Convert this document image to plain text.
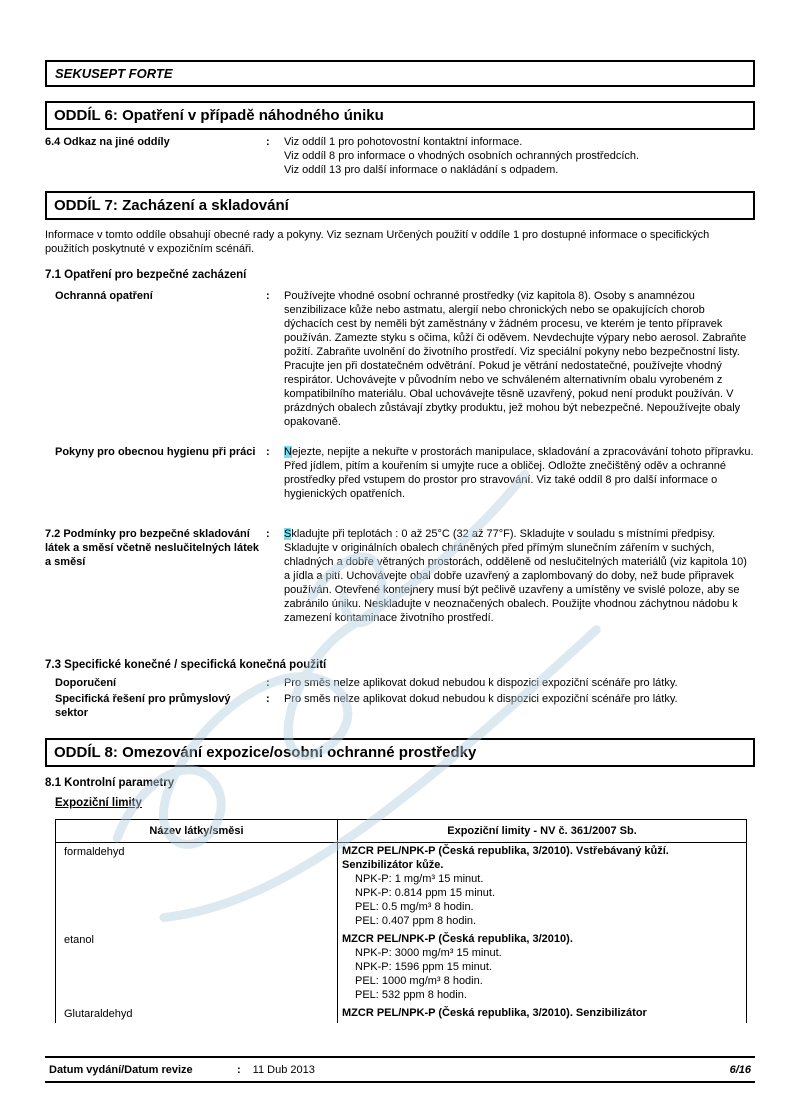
SEKUSEPT FORTE
ODDÍL 6: Opatření v případě náhodného úniku
6.4 Odkaz na jiné oddíly	:	Viz oddíl 1 pro pohotovostní kontaktní informace.
Viz oddíl 8 pro informace o vhodných osobních ochranných prostředcích.
Viz oddíl 13 pro další informace o nakládání s odpadem.
ODDÍL 7: Zacházení a skladování

Informace v tomto oddíle obsahují obecné rady a pokyny. Viz seznam Určených použití v oddíle 1 pro dostupné informace o specifických použitích poskytnuté v expozičním scénáři.

7.1 Opatření pro bezpečné zacházení
Ochranná opatření	:	Používejte vhodné osobní ochranné prostředky (viz kapitola 8). Osoby s anamnézou senzibilizace kůže nebo astmatu, alergií nebo chronických nebo se opakujících chorob dýchacích cest by neměli být zaměstnány v žádném procesu, ve kterém je tento přípravek používán. Zamezte styku s očima, kůží či oděvem. Nevdechujte výpary nebo aerosol. Zabraňte požití. Zabraňte uvolnění do životního prostředí. Viz speciální pokyny nebo bezpečnostní listy. Pracujte jen při dostatečném odvětrání. Pokud je větrání nedostatečné, používejte vhodný respirátor. Uchovávejte v původním nebo ve schváleném alternativním obalu vyrobeném z kompatibilního materiálu. Obal uchovávejte těsně uzavřený, pokud není produkt používán. V prázdných obalech zůstávají zbytky produktu, jež mohou být nebezpečné. Nepoužívejte obaly opakovaně.
Pokyny pro obecnou hygienu při práci :	Nejezte, nepijte a nekuřte v prostorách manipulace, skladování a zpracovávání tohoto přípravku. Před jídlem, pitím a kouřením si umyjte ruce a obličej. Odložte znečištěný oděv a ochranné prostředky před vstupem do prostor pro stravování. Viz také oddíl 8 pro další informace o hygienických opatřeních.
7.2 Podmínky pro bezpečné skladování látek a směsí včetně neslučitelných látek a směsí
:	Skladujte při teplotách : 0 až 25°C (32 až 77°F). Skladujte v souladu s místními předpisy. Skladujte v originálních obalech chráněných před přímým slunečním zářením v suchých, chladných a dobře větraných prostorách, odděleně od neslučitelných materiálů (viz kapitola 10) a jídla a pití. Uchovávejte obal dobře uzavřený a zaplombovaný do doby, než bude připravek používán. Otevřené kontejnery musí být pečlivě uzavřeny a umístěny ve svislé poloze, aby se zabránilo úniku. Neskladujte v neoznačených obalech. Použijte vhodnou záchytnou nádobu k zamezení kontaminace životního prostředí.
7.3 Specifické konečné / specifická konečná použití
Doporučení	:	Pro směs nelze aplikovat dokud nebudou k dispozici expoziční scénáře pro látky.
Specifická řešení pro průmyslový sektor
:	Pro směs nelze aplikovat dokud nebudou k dispozici expoziční scénáře pro látky.
ODDÍL 8: Omezování expozice/osobní ochranné prostředky
8.1 Kontrolní parametry
Expoziční limity
Název látky/směsi	Expoziční limity - NV č. 361/2007 Sb.
formaldehyd	MZCR PEL/NPK-P (Česká republika, 3/2010). Vstřebávaný kůží. Senzibilizátor kůže.
NPK-P: 1 mg/m³ 15 minut.
NPK-P: 0.814 ppm 15 minut.
PEL: 0.5 mg/m³ 8 hodin.
PEL: 0.407 ppm 8 hodin.
etanol	MZCR PEL/NPK-P (Česká republika, 3/2010).
NPK-P: 3000 mg/m³ 15 minut.
NPK-P: 1596 ppm 15 minut.
PEL: 1000 mg/m³ 8 hodin.
PEL: 532 ppm 8 hodin.
Glutaraldehyd	MZCR PEL/NPK-P (Česká republika, 3/2010). Senzibilizátor
Datum vydání/Datum revize	: 11 Dub 2013	6/16
